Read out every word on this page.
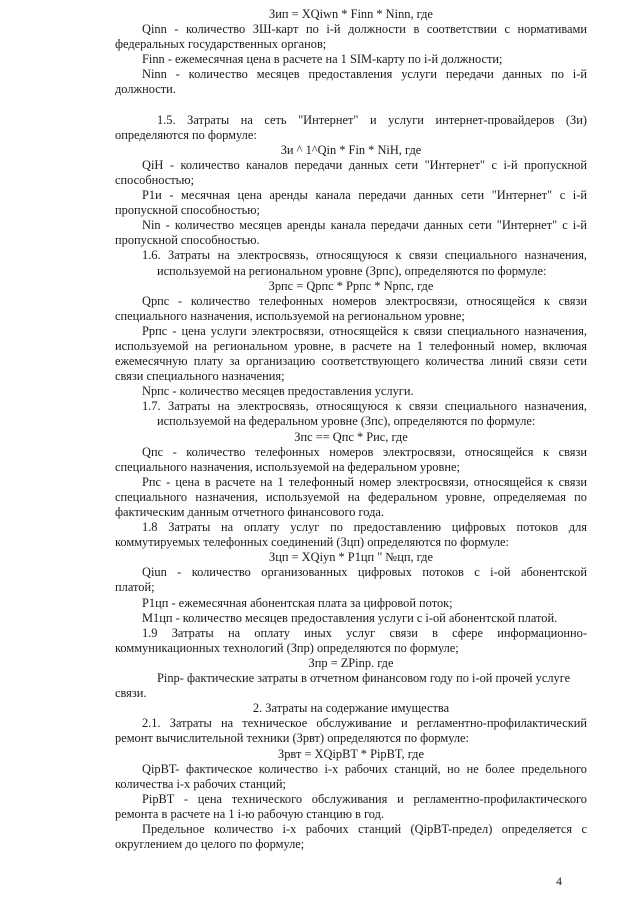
Зип = XQiwn * Finn * Ninn, где
Qinn - количество ЗШ-карт по i-й должности в соответствии с нормативами
федеральных государственных органов;
Finn - ежемесячная цена в расчете на 1 SIM-карту по i-й должности;
Ninn - количество месяцев предоставления услуги передачи данных по i-й
должности.
1.5. Затраты на сеть "Интернет" и услуги интернет-провайдеров (Зи)
определяются по формуле:
Зи ^ 1^Qin * Fin * NiH, где
QiH - количество каналов передачи данных сети "Интернет" с i-й пропускной
способностью;
Р1и - месячная цена аренды канала передачи данных сети "Интернет" с i-й
пропускной способностью;
Nin - количество месяцев аренды канала передачи данных сети "Интернет" с i-й
пропускной способностью.
1.6. Затраты на электросвязь, относящуюся к связи специального назначения,
используемой на региональном уровне (Зрпс), определяются по формуле:
Зрпс = Qрпс * Ррпс * Nрпс, где
Qрпс - количество телефонных номеров электросвязи, относящейся к связи
специального назначения, используемой на региональном уровне;
Ррпс - цена услуги электросвязи, относящейся к связи специального назначения,
используемой на региональном уровне, в расчете на 1 телефонный номер, включая
ежемесячную плату за организацию соответствующего количества линий связи сети
связи специального назначения;
Nрпс - количество месяцев предоставления услуги.
1.7. Затраты на электросвязь, относящуюся к связи специального назначения,
используемой на федеральном уровне (Зпс), определяются по формуле:
Зпс == Qпс * Рис, где
Qпс - количество телефонных номеров электросвязи, относящейся к связи
специального назначения, используемой на федеральном уровне;
Рпс - цена в расчете на 1 телефонный номер электросвязи, относящейся к связи
специального назначения, используемой на федеральном уровне, определяемая по
фактическим данным отчетного финансового года.
1.8 Затраты на оплату услуг по предоставлению цифровых потоков для
коммутируемых телефонных соединений (Зцп) определяются по формуле:
Зцп = XQiyn * Р1цп " №цп, где
Qiun - количество организованных цифровых потоков с i-ой абонентской
платой;
Р1цп - ежемесячная абонентская плата за цифровой поток;
М1цп - количество месяцев предоставления услуги с i-ой абонентской платой.
1.9 Затраты на оплату иных услуг связи в сфере информационно-
коммуникационных технологий (Зпр) определяются по формуле;
Зпр = ZPinp. где
Pinp- фактические затраты в отчетном финансовом году по i-ой прочей услуге
связи.
2. Затраты на содержание имущества
2.1. Затраты на техническое обслуживание и регламентно-профилактический
ремонт вычислительной техники (Зрвт) определяются по формуле:
Зрвт = XQipBT * PipBT, где
QipBT- фактическое количество i-x рабочих станций, но не более предельного
количества i-x рабочих станций;
PipBT - цена технического обслуживания и регламентно-профилактического
ремонта в расчете на 1 i-ю рабочую станцию в год.
Предельное количество i-x рабочих станций (QipBT-предел) определяется с
округлением до целого по формуле;
4
